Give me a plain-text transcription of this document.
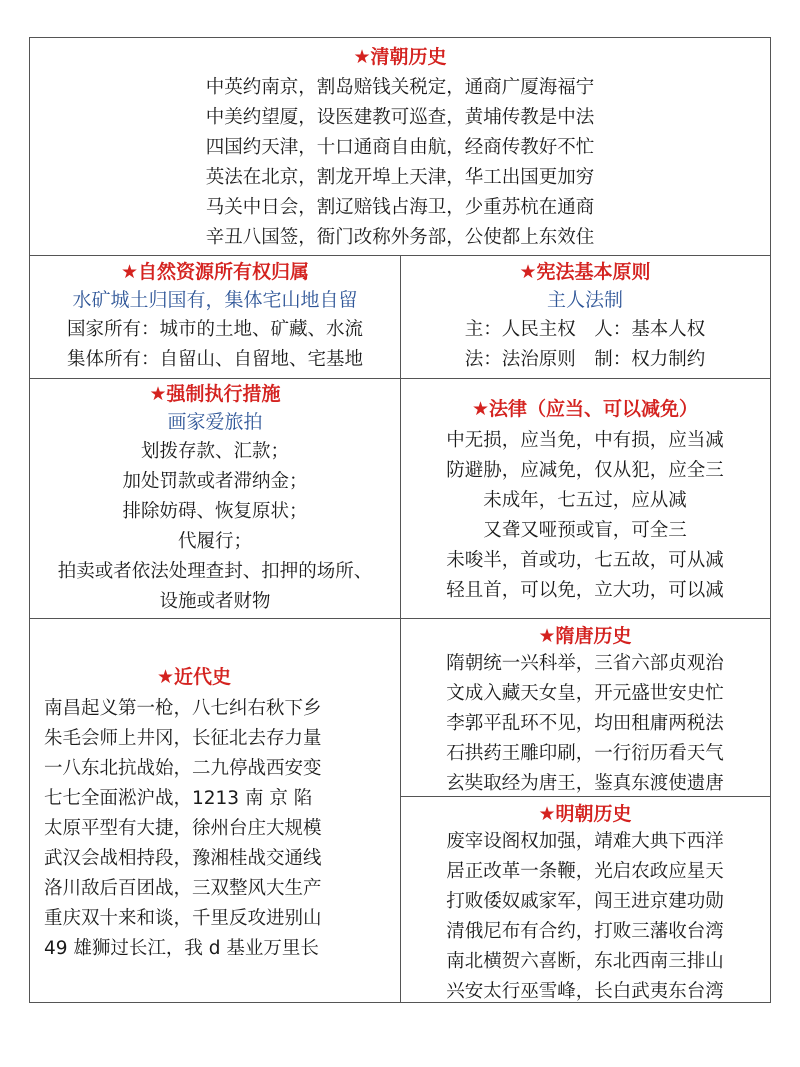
★清朝历史
中英约南京，割岛赔钱关税定，通商广厦海福宁
中美约望厦，设医建教可巡查，黄埔传教是中法
四国约天津，十口通商自由航，经商传教好不忙
英法在北京，割龙开埠上天津，华工出国更加穷
马关中日会，割辽赔钱占海卫，少重苏杭在通商
辛丑八国签，衙门改称外务部，公使都上东效住
★自然资源所有权归属
水矿城土归国有，集体宅山地自留
国家所有：城市的土地、矿藏、水流
集体所有：自留山、自留地、宅基地
★宪法基本原则
主人法制
主：人民主权　人：基本人权
法：法治原则　制：权力制约
★强制执行措施
画家爱旅拍
划拨存款、汇款；
加处罚款或者滞纳金；
排除妨碍、恢复原状；
代履行；
拍卖或者依法处理查封、扣押的场所、
设施或者财物
★法律（应当、可以减免）
中无损，应当免，中有损，应当减
防避胁，应减免，仅从犯，应全三
未成年，七五过，应从减
又聋又哑预或盲，可全三
未唆半，首或功，七五故，可从减
轻且首，可以免，立大功，可以减
★近代史
南昌起义第一枪，八七纠右秋下乡
朱毛会师上井冈，长征北去存力量
一八东北抗战始，二九停战西安变
七七全面淞沪战，1213 南 京 陷
太原平型有大捷，徐州台庄大规模
武汉会战相持段，豫湘桂战交通线
洛川敌后百团战，三双整风大生产
重庆双十来和谈，千里反攻进别山
49 雄狮过长江，我 d 基业万里长
★隋唐历史
隋朝统一兴科举，三省六部贞观治
文成入藏天女皇，开元盛世安史忙
李郭平乱环不见，均田租庸两税法
石拱药王雕印刷，一行衍历看天气
玄奘取经为唐王，鉴真东渡使遗唐
★明朝历史
废宰设阁权加强，靖难大典下西洋
居正改革一条鞭，光启农政应星天
打败倭奴戚家军，闯王进京建功勋
清俄尼布有合约，打败三藩收台湾
南北横贺六喜断，东北西南三排山
兴安太行巫雪峰，长白武夷东台湾
